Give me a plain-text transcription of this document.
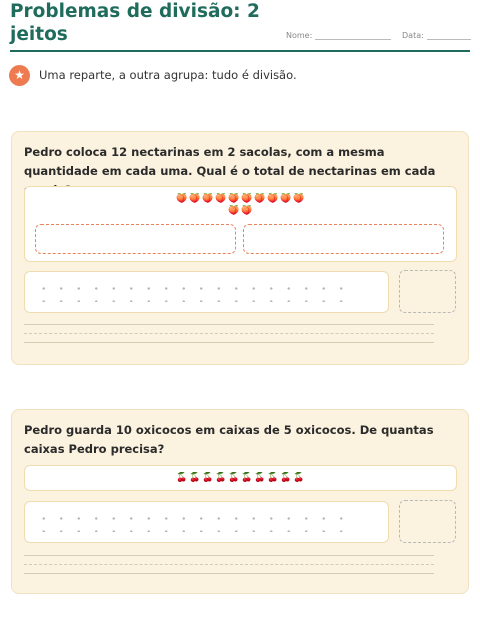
Problemas de divisão: 2 jeitos	Nome:	Data:
★	Uma reparte, a outra agrupa: tudo é divisão.
Pedro coloca 12 nectarinas em 2 sacolas, com a mesma quantidade em cada uma. Qual é o total de nectarinas em cada
🍑 🍑 🍑 🍑 🍑 🍑 🍑 🍑 🍑 🍑
🍑 🍑
Pedro guarda 10 oxicocos em caixas de 5 oxicocos. De quantas caixas Pedro precisa?
🍒 🍒 🍒 🍒 🍒 🍒 🍒 🍒 🍒 🍒
